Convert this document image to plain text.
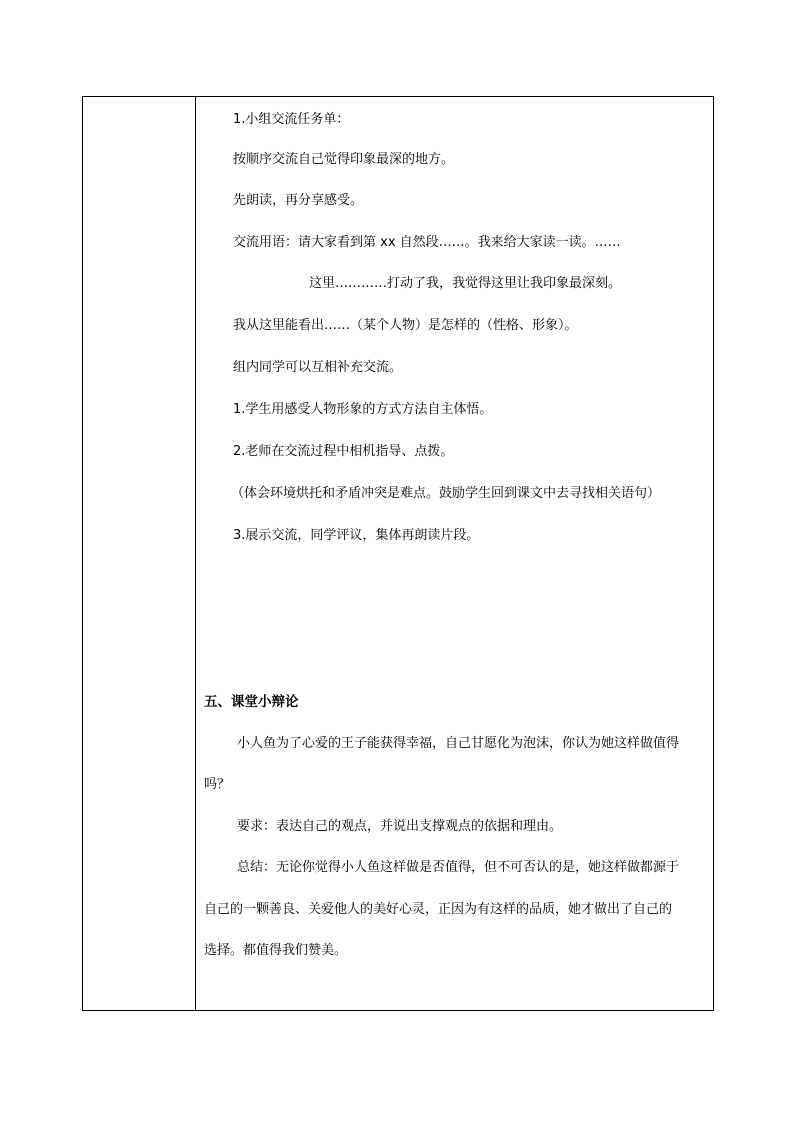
1.小组交流任务单：
按顺序交流自己觉得印象最深的地方。
先朗读，再分享感受。
交流用语：请大家看到第 xx 自然段……。我来给大家读一读。……
这里…………打动了我，我觉得这里让我印象最深刻。
我从这里能看出……（某个人物）是怎样的（性格、形象）。
组内同学可以互相补充交流。
1.学生用感受人物形象的方式方法自主体悟。
2.老师在交流过程中相机指导、点拨。
（体会环境烘托和矛盾冲突是难点。鼓励学生回到课文中去寻找相关语句）
3.展示交流，同学评议，集体再朗读片段。
五、课堂小辩论
小人鱼为了心爱的王子能获得幸福，自己甘愿化为泡沫，你认为她这样做值得
吗？
要求：表达自己的观点，并说出支撑观点的依据和理由。
总结：无论你觉得小人鱼这样做是否值得，但不可否认的是，她这样做都源于
自己的一颗善良、关爱他人的美好心灵，正因为有这样的品质，她才做出了自己的
选择。都值得我们赞美。
